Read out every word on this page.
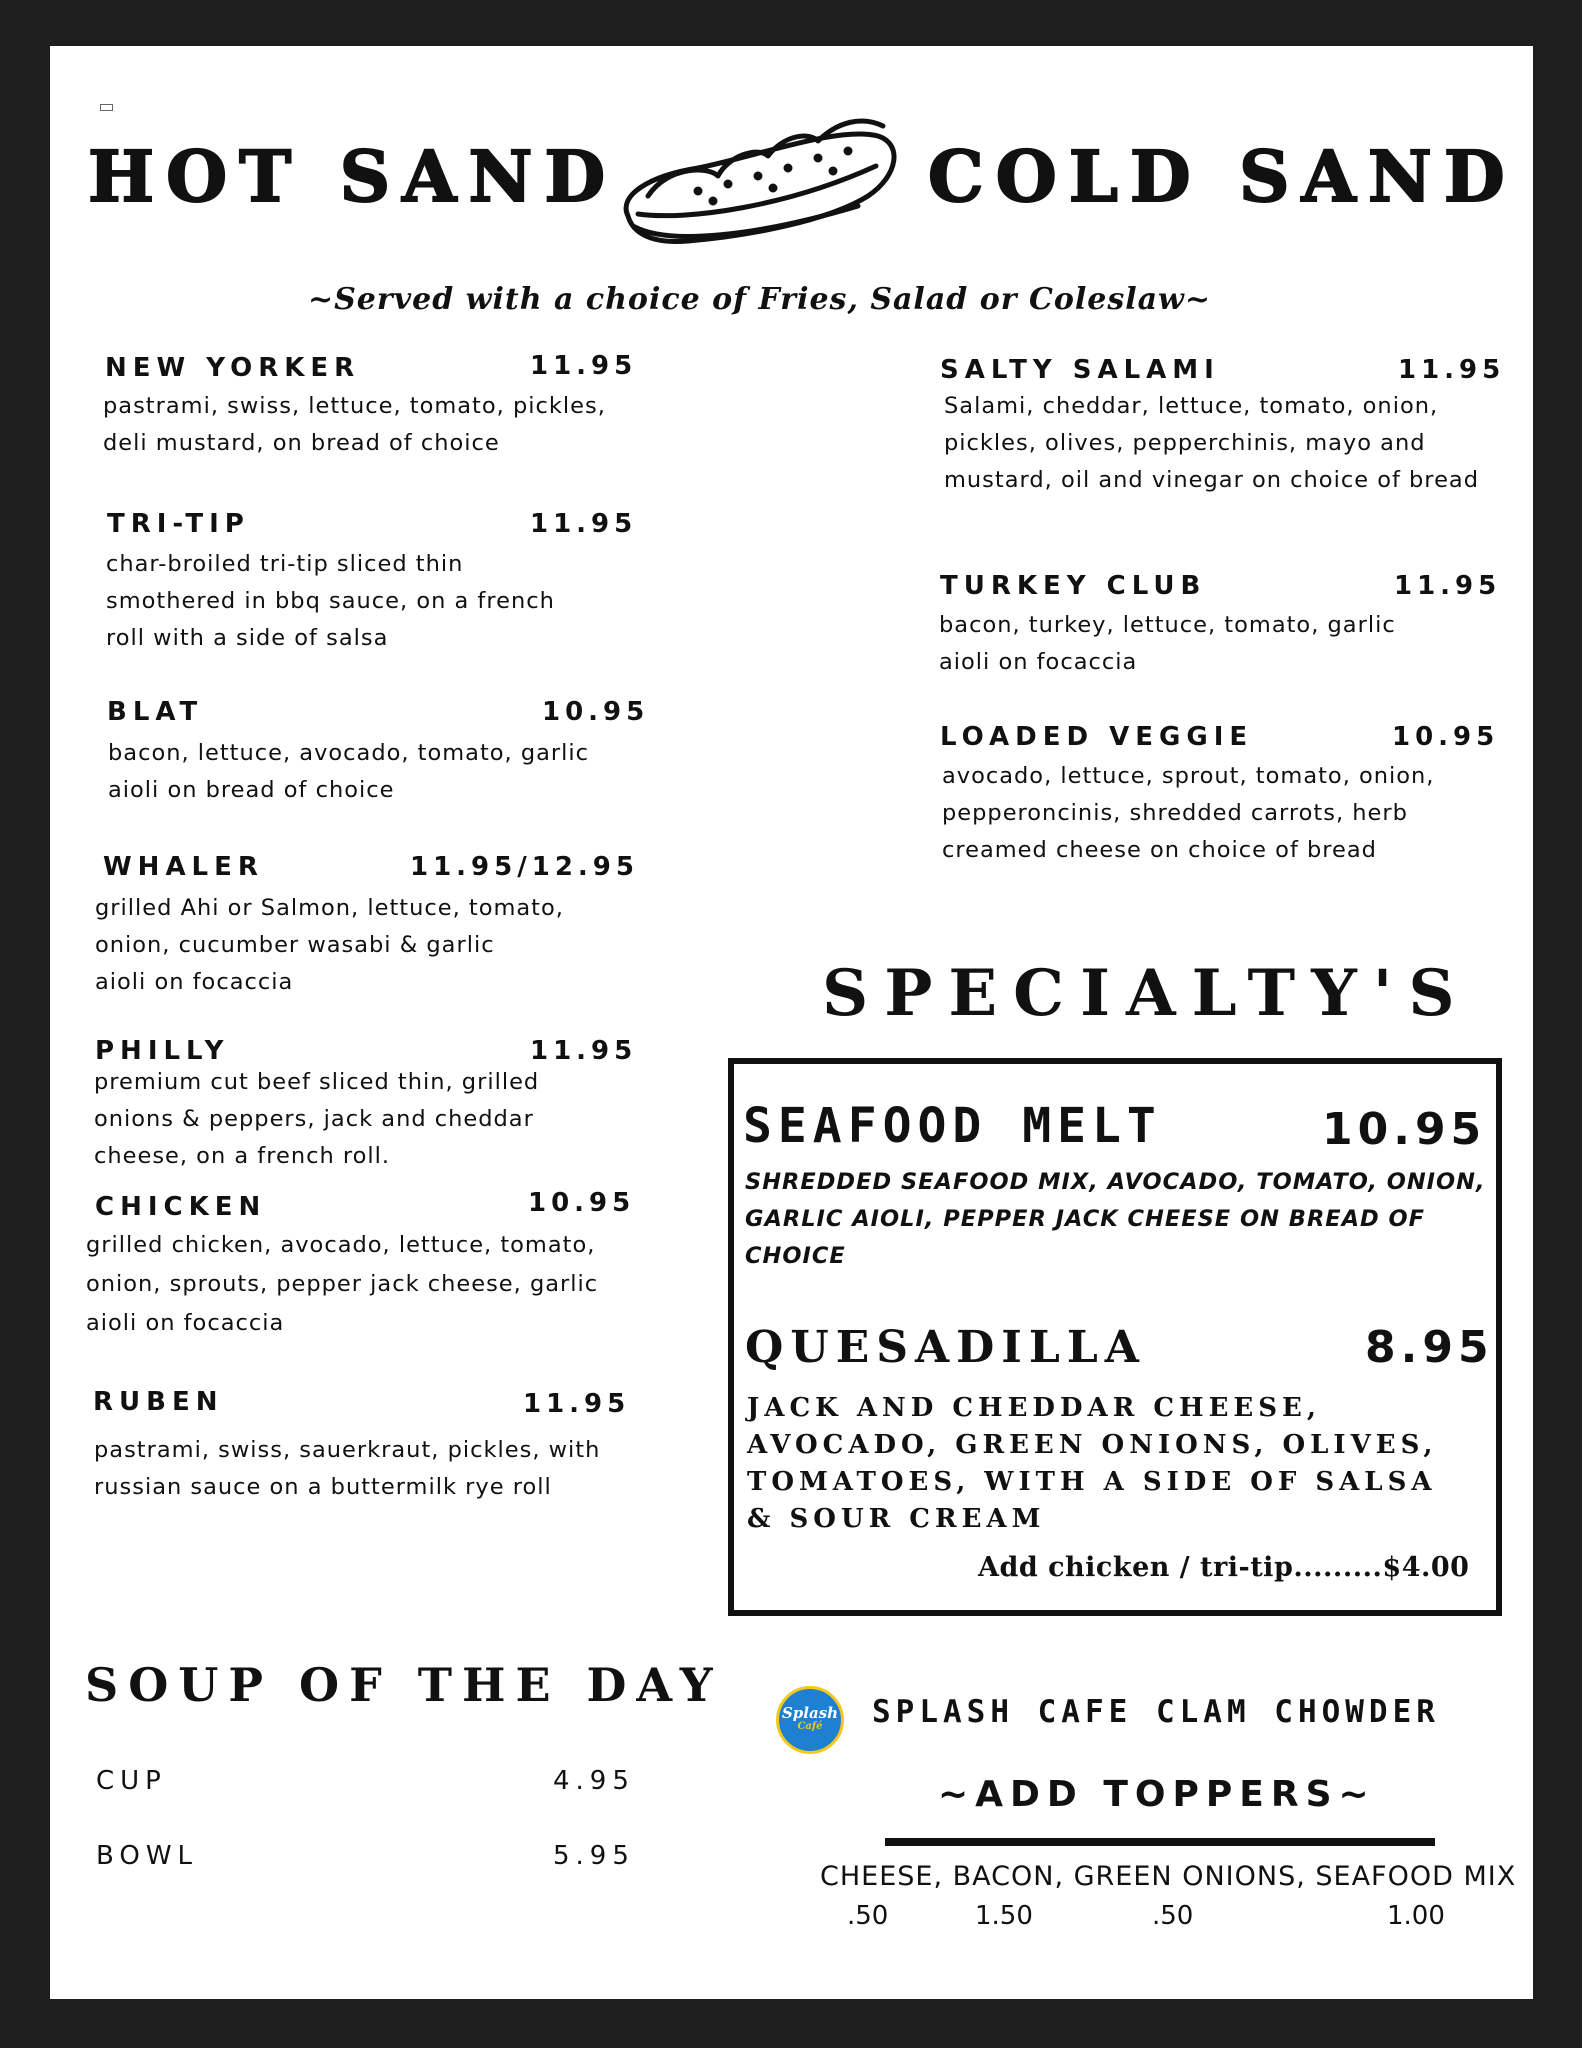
HOT SAND	COLD SAND
~Served with a choice of Fries, Salad or Coleslaw~
NEW YORKER	11.95
pastrami, swiss, lettuce, tomato, pickles,
deli mustard, on bread of choice
TRI-TIP	11.95
char-broiled tri-tip sliced thin
smothered in bbq sauce, on a french
roll with a side of salsa
BLAT	10.95
bacon, lettuce, avocado, tomato, garlic
aioli on bread of choice
WHALER	11.95/12.95
grilled Ahi or Salmon, lettuce, tomato,
onion, cucumber wasabi & garlic
aioli on focaccia
PHILLY	11.95
premium cut beef sliced thin, grilled
onions & peppers, jack and cheddar
cheese, on a french roll.
CHICKEN	10.95
grilled chicken, avocado, lettuce, tomato,
onion, sprouts, pepper jack cheese, garlic
aioli on focaccia
RUBEN	11.95
pastrami, swiss, sauerkraut, pickles, with
russian sauce on a buttermilk rye roll
SALTY SALAMI	11.95
Salami, cheddar, lettuce, tomato, onion,
pickles, olives, pepperchinis, mayo and
mustard, oil and vinegar on choice of bread
TURKEY CLUB	11.95
bacon, turkey, lettuce, tomato, garlic
aioli on focaccia
LOADED VEGGIE	10.95
avocado, lettuce, sprout, tomato, onion,
pepperoncinis, shredded carrots, herb
creamed cheese on choice of bread
SPECIALTY'S
SEAFOOD MELT	10.95
SHREDDED SEAFOOD MIX, AVOCADO, TOMATO, ONION,
GARLIC AIOLI, PEPPER JACK CHEESE ON BREAD OF
CHOICE
QUESADILLA	8.95
JACK AND CHEDDAR CHEESE,
AVOCADO, GREEN ONIONS, OLIVES,
TOMATOES, WITH A SIDE OF SALSA
& SOUR CREAM
Add chicken / tri-tip.........$4.00
SOUP OF THE DAY
CUP	4.95
BOWL	5.95
Splash
Café	SPLASH CAFE CLAM CHOWDER
~ADD TOPPERS~
CHEESE, BACON, GREEN ONIONS, SEAFOOD MIX
.50	1.50	.50	1.00
